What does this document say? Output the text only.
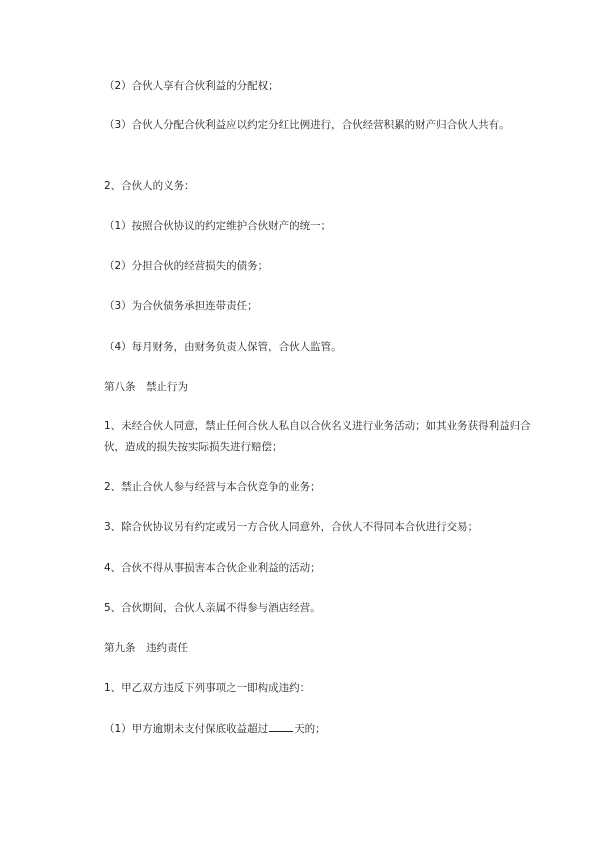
（2）合伙人享有合伙利益的分配权；
（3）合伙人分配合伙利益应以约定分红比例进行，合伙经营积累的财产归合伙人共有。
2、合伙人的义务：
（1）按照合伙协议的约定维护合伙财产的统一；
（2）分担合伙的经营损失的债务；
（3）为合伙债务承担连带责任；
（4）每月财务，由财务负责人保管，合伙人监管。
第八条　禁止行为
1、未经合伙人同意，禁止任何合伙人私自以合伙名义进行业务活动；如其业务获得利益归合伙，造成的损失按实际损失进行赔偿；
2、禁止合伙人参与经营与本合伙竞争的业务；
3、除合伙协议另有约定或另一方合伙人同意外，合伙人不得同本合伙进行交易；
4、合伙不得从事损害本合伙企业利益的活动；
5、合伙期间，合伙人亲属不得参与酒店经营。
第九条　违约责任
1、甲乙双方违反下列事项之一即构成违约：
（1）甲方逾期未支付保底收益超过 天的；
